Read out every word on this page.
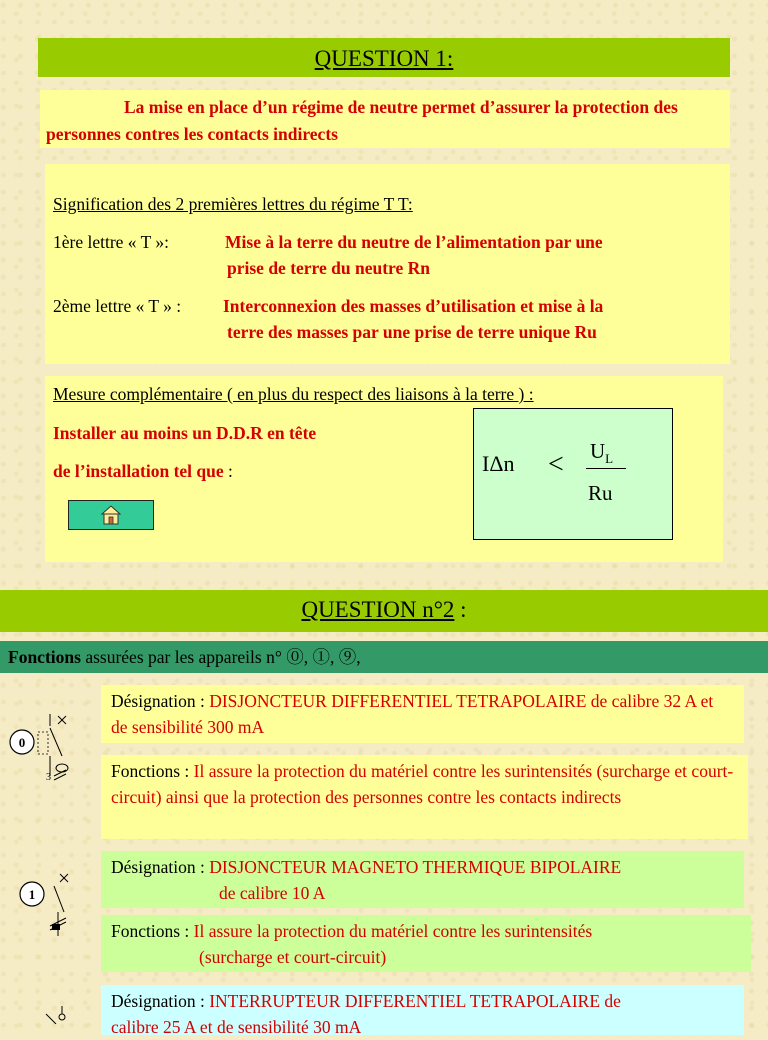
QUESTION 1:
La mise en place d’un régime de neutre permet d’assurer la protection des personnes contres les contacts indirects
Signification des 2 premières lettres du régime T T:
1ère lettre « T »:	Mise à la terre du neutre de l’alimentation par une
prise de terre du neutre Rn
2ème lettre « T » : Interconnexion des masses d’utilisation et mise à la
terre des masses par une prise de terre unique Ru
Mesure complémentaire ( en plus du respect des liaisons à la terre ) :
Installer au moins un D.D.R en tête
de l’installation tel que :	$I\Delta n < U_L$
Ru
QUESTION n°2 :
Fonctions assurées par les appareils n° ⓪, ①, ⑨,
0
3
Désignation : DISJONCTEUR DIFFERENTIEL TETRAPOLAIRE de calibre 32 A et de sensibilité 300 mA
Fonctions : Il assure la protection du matériel contre les surintensités (surcharge et court-circuit) ainsi que la protection des personnes contre les contacts indirects
1
Désignation : DISJONCTEUR MAGNETO THERMIQUE BIPOLAIRE
de calibre 10 A
Fonctions : Il assure la protection du matériel contre les surintensités
(surcharge et court-circuit)
Désignation : INTERRUPTEUR DIFFERENTIEL TETRAPOLAIRE de
calibre 25 A et de sensibilité 30 mA
